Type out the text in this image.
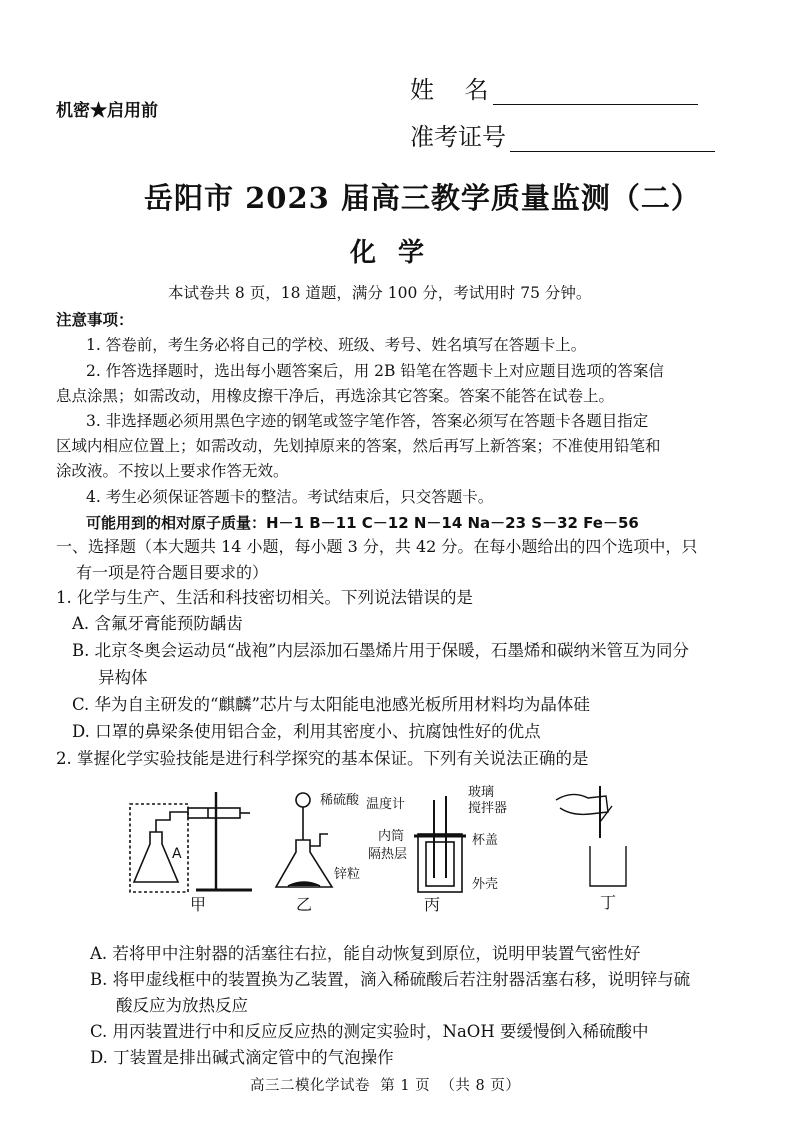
姓    名
机密★启用前
准考证号
岳阳市 2023 届高三教学质量监测（二）
化学
本试卷共 8 页，18 道题，满分 100 分，考试用时 75 分钟。
注意事项：
1. 答卷前，考生务必将自己的学校、班级、考号、姓名填写在答题卡上。
2. 作答选择题时，选出每小题答案后，用 2B 铅笔在答题卡上对应题目选项的答案信
息点涂黑；如需改动，用橡皮擦干净后，再选涂其它答案。答案不能答在试卷上。
3. 非选择题必须用黑色字迹的钢笔或签字笔作答，答案必须写在答题卡各题目指定
区域内相应位置上；如需改动，先划掉原来的答案，然后再写上新答案；不准使用铅笔和
涂改液。不按以上要求作答无效。
4. 考生必须保证答题卡的整洁。考试结束后，只交答题卡。
可能用到的相对原子质量：H－1 B－11 C－12 N－14 Na－23 S－32 Fe－56
一、选择题（本大题共 14 小题，每小题 3 分，共 42 分。在每小题给出的四个选项中，只
有一项是符合题目要求的）
1. 化学与生产、生活和科技密切相关。下列说法错误的是
A. 含氟牙膏能预防龋齿
B. 北京冬奥会运动员“战袍”内层添加石墨烯片用于保暖，石墨烯和碳纳米管互为同分
异构体
C. 华为自主研发的“麒麟”芯片与太阳能电池感光板所用材料均为晶体硅
D. 口罩的鼻梁条使用铝合金，利用其密度小、抗腐蚀性好的优点
2. 掌握化学实验技能是进行科学探究的基本保证。下列有关说法正确的是
A
甲
稀硫酸
锌粒
乙
温度计
玻璃
搅拌器
内筒
隔热层
杯盖
外壳
丙	丁
A. 若将甲中注射器的活塞往右拉，能自动恢复到原位，说明甲装置气密性好
B. 将甲虚线框中的装置换为乙装置，滴入稀硫酸后若注射器活塞右移，说明锌与硫
酸反应为放热反应
C. 用丙装置进行中和反应反应热的测定实验时，NaOH 要缓慢倒入稀硫酸中
D. 丁装置是排出碱式滴定管中的气泡操作
高三二模化学试卷  第 1 页  （共 8 页）
